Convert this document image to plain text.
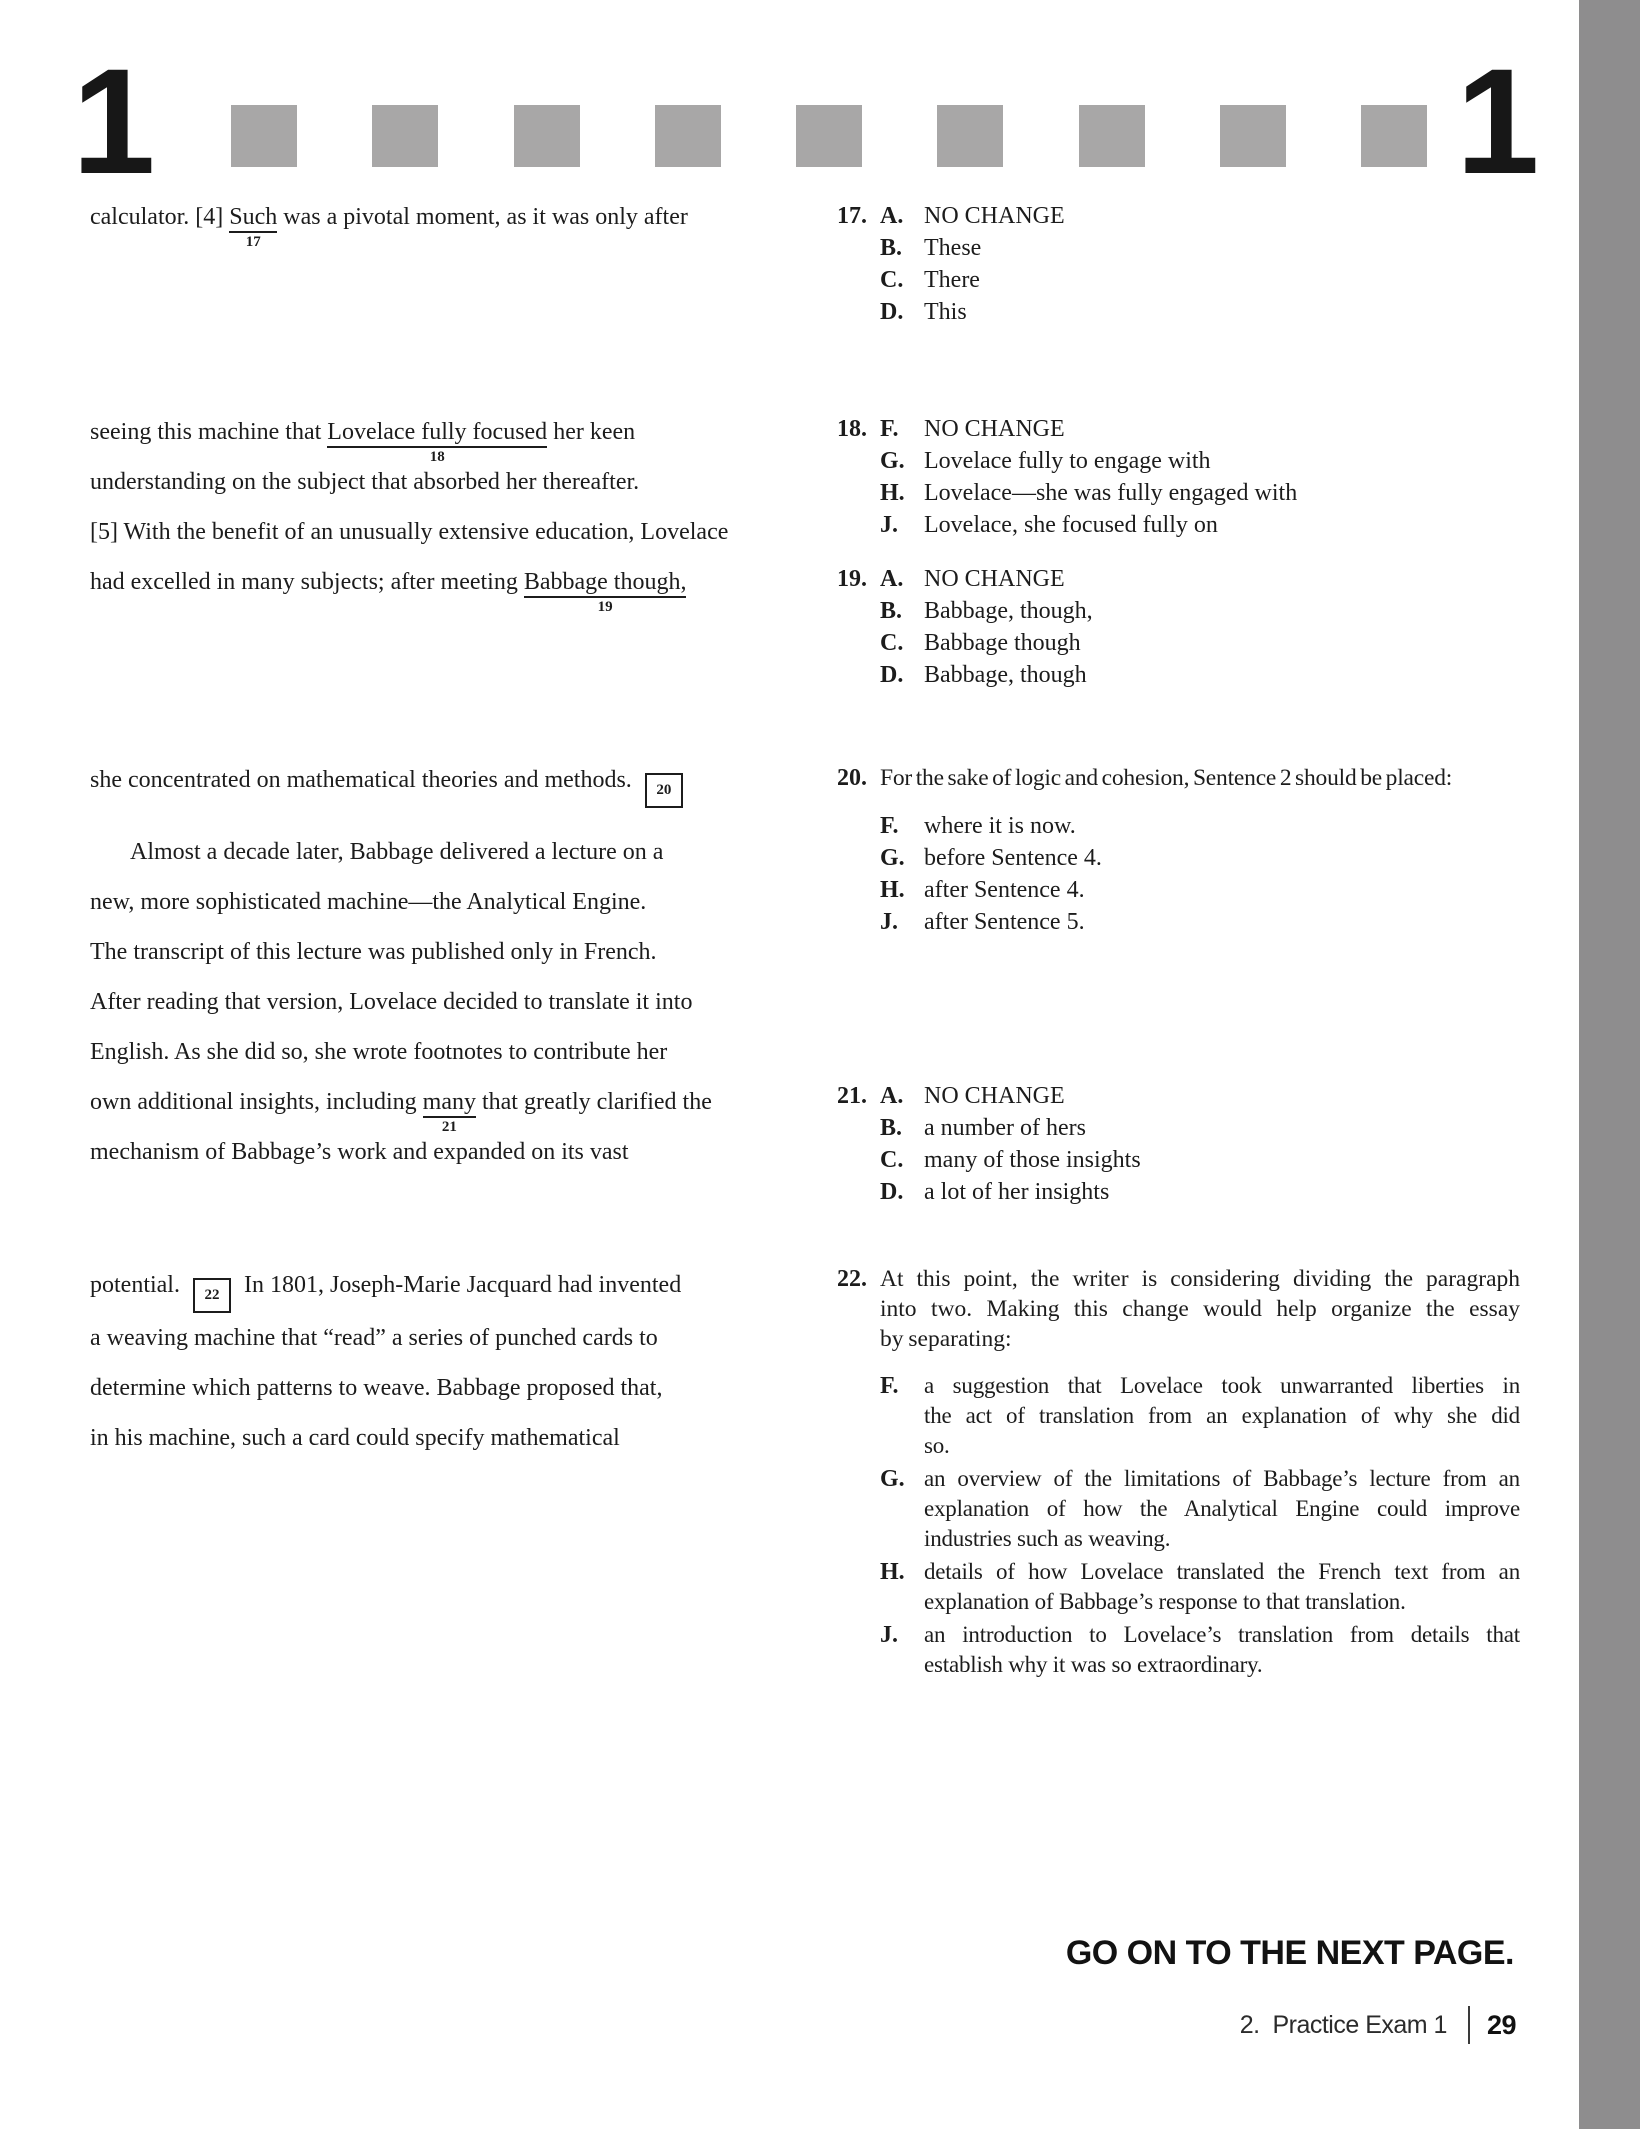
1	1
calculator. [4] Such
17
was a pivotal moment, as it was only after
seeing this machine that Lovelace fully focused
18
her keen
understanding on the subject that absorbed her thereafter.
[5] With the benefit of an unusually extensive education, Lovelace
had excelled in many subjects; after meeting Babbage though,
19
she concentrated on mathematical theories and methods. 20
Almost a decade later, Babbage delivered a lecture on a
new, more sophisticated machine—the Analytical Engine.
The transcript of this lecture was published only in French.
After reading that version, Lovelace decided to translate it into
English. As she did so, she wrote footnotes to contribute her
own additional insights, including many
21
that greatly clarified the
mechanism of Babbage’s work and expanded on its vast
potential. 22 In 1801, Joseph-Marie Jacquard had invented
a weaving machine that “read” a series of punched cards to
determine which patterns to weave. Babbage proposed that,
in his machine, such a card could specify mathematical
17. A. NO CHANGE
B. These
C. There
D. This
18. F.	NO CHANGE
G. Lovelace fully to engage with
H. Lovelace—she was fully engaged with
J.	Lovelace, she focused fully on
19. A. NO CHANGE
B. Babbage, though,
C. Babbage though
D. Babbage, though
20. For the sake of logic and cohesion, Sentence 2 should be placed:
F.	where it is now.
G. before Sentence 4.
H. after Sentence 4.
J.	after Sentence 5.
21. A. NO CHANGE
B. a number of hers
C. many of those insights
D. a lot of her insights
22. At this point, the writer is considering dividing the paragraph
into two. Making this change would help organize the essay
by separating:
F.	a suggestion that Lovelace took unwarranted liberties in
the act of translation from an explanation of why she did
so.
G. an overview of the limitations of Babbage’s lecture from an
explanation of how the Analytical Engine could improve
industries such as weaving.
H. details of how Lovelace translated the French text from an
explanation of Babbage’s response to that translation.
J.	an introduction to Lovelace’s translation from details that
establish why it was so extraordinary.
GO ON TO THE NEXT PAGE.
2.  Practice Exam 1 29
